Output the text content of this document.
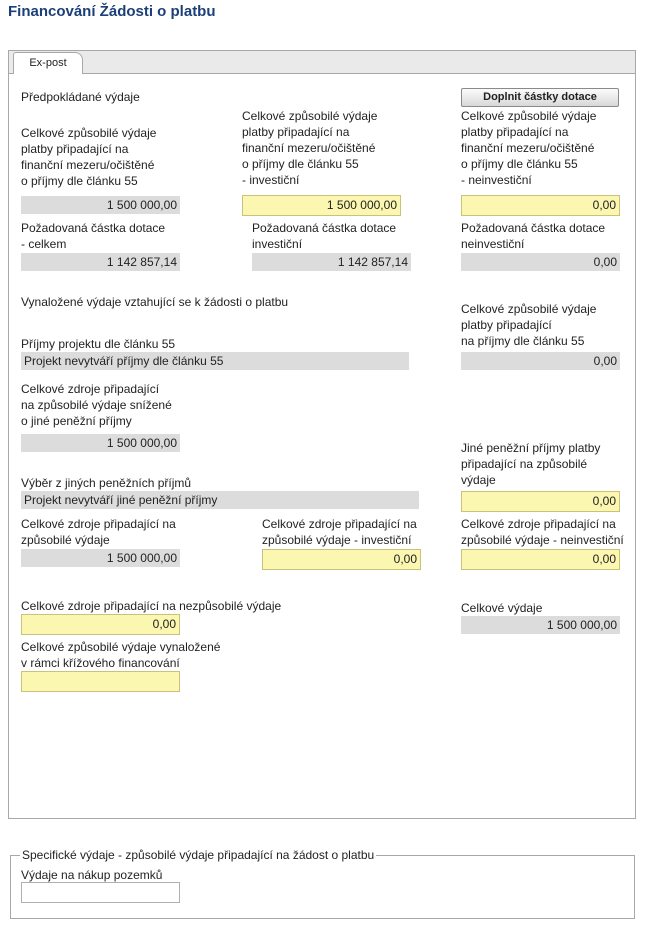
Financování Žádosti o platbu
Ex-post
Předpokládané výdaje	Doplnit částky dotace
Celkové způsobilé výdaje
platby připadající na
finanční mezeru/očištěné
o příjmy dle článku 55
1 500 000,00
Celkové způsobilé výdaje
platby připadající na
finanční mezeru/očištěné
o příjmy dle článku 55
- investiční
1 500 000,00
Celkové způsobilé výdaje
platby připadající na
finanční mezeru/očištěné
o příjmy dle článku 55
- neinvestiční
0,00
Požadovaná částka dotace
- celkem
1 142 857,14
Požadovaná částka dotace
investiční
1 142 857,14
Požadovaná částka dotace
neinvestiční
0,00
Vynaložené výdaje vztahující se k žádosti o platbu
Příjmy projektu dle článku 55
Projekt nevytváří příjmy dle článku 55
Celkové způsobilé výdaje
platby připadající
na příjmy dle článku 55
0,00
Celkové zdroje připadající
na způsobilé výdaje snížené
o jiné peněžní příjmy
1 500 000,00	Jiné peněžní příjmy platby
připadající na způsobilé
výdaje
0,00
Výběr z jiných peněžních příjmů
Projekt nevytváří jiné peněžní příjmy
Celkové zdroje připadající na
způsobilé výdaje
1 500 000,00
Celkové zdroje připadající na
způsobilé výdaje - investiční
0,00
Celkové zdroje připadající na
způsobilé výdaje - neinvestiční
0,00
Celkové zdroje připadající na nezpůsobilé výdaje
0,00
Celkové výdaje
1 500 000,00
Celkové způsobilé výdaje vynaložené
v rámci křížového financování
Specifické výdaje - způsobilé výdaje připadající na žádost o platbu
Výdaje na nákup pozemků
